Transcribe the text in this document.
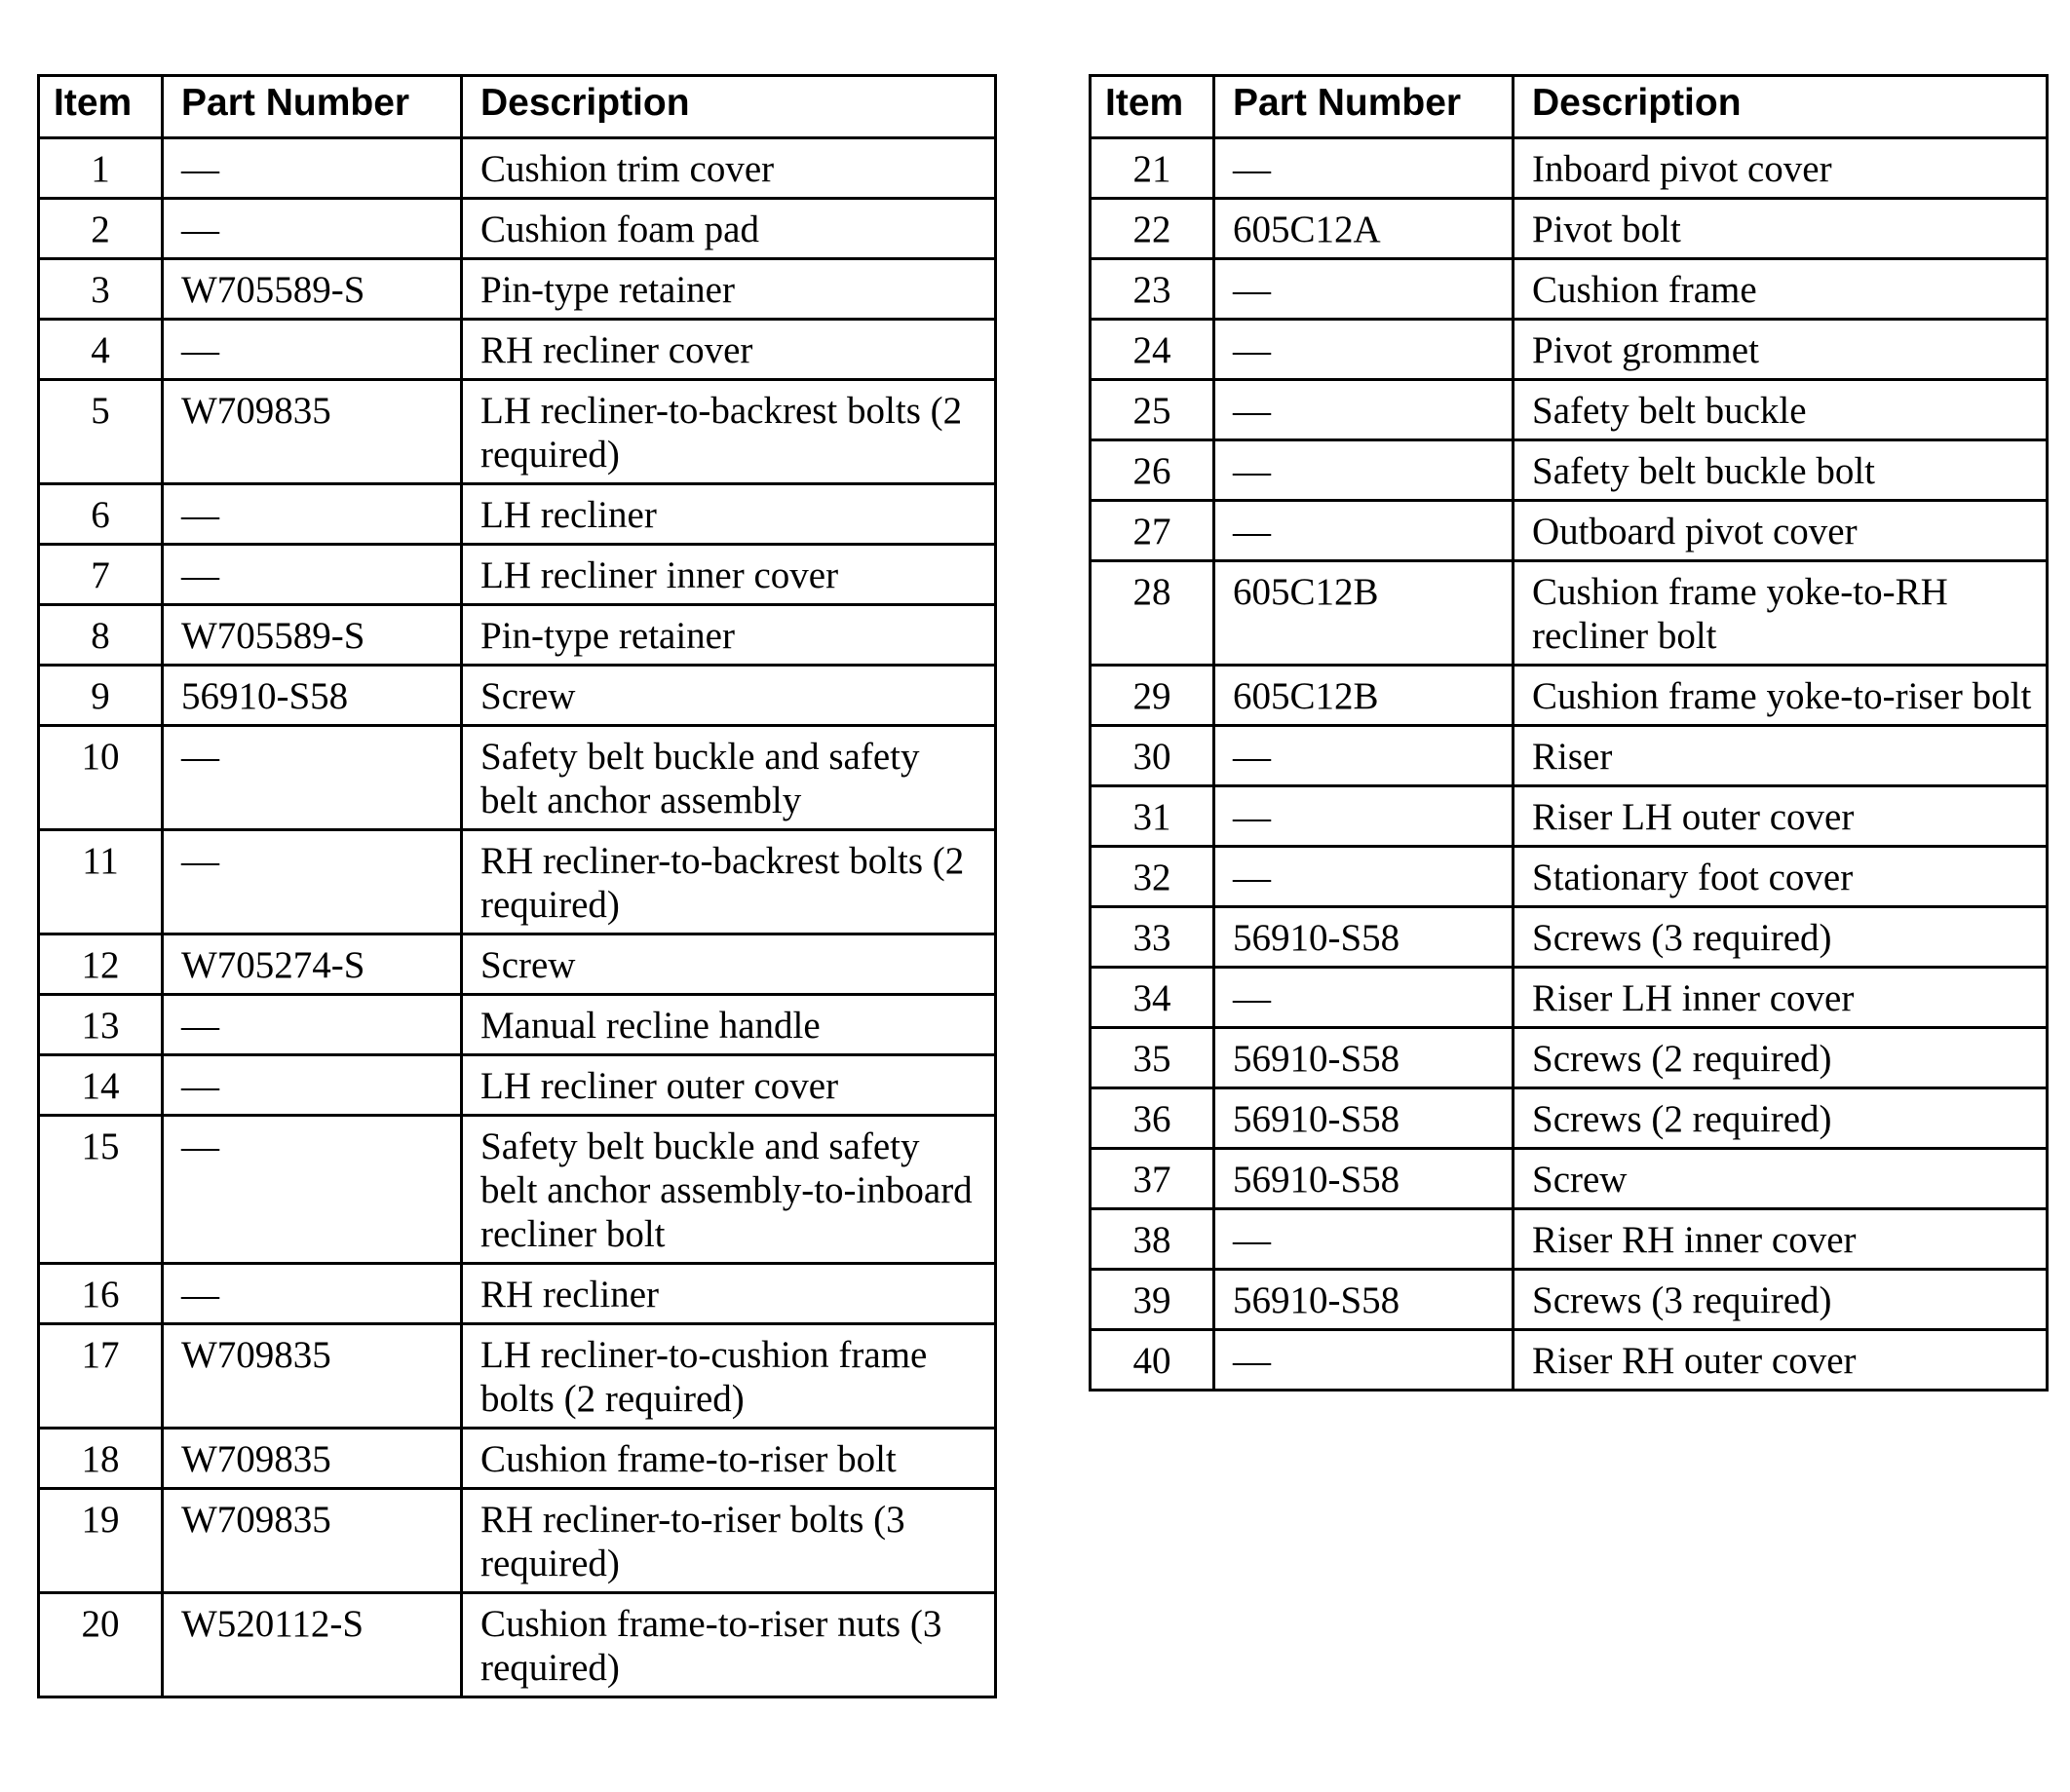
Item	Part Number	Description
1	—	Cushion trim cover
2	—	Cushion foam pad
3	W705589-S	Pin-type retainer
4	—	RH recliner cover
5	W709835	LH recliner-to-backrest bolts (2 required)
6	—	LH recliner
7	—	LH recliner inner cover
8	W705589-S	Pin-type retainer
9	56910-S58	Screw
10	—	Safety belt buckle and safety belt anchor assembly
11	—	RH recliner-to-backrest bolts (2 required)
12	W705274-S	Screw
13	—	Manual recline handle
14	—	LH recliner outer cover
15	—	Safety belt buckle and safety belt anchor assembly-to-inboard recliner bolt
16	—	RH recliner
17	W709835	LH recliner-to-cushion frame bolts (2 required)
18	W709835	Cushion frame-to-riser bolt
19	W709835	RH recliner-to-riser bolts (3 required)
20	W520112-S	Cushion frame-to-riser nuts (3 required)
Item	Part Number	Description
21	—	Inboard pivot cover
22	605C12A	Pivot bolt
23	—	Cushion frame
24	—	Pivot grommet
25	—	Safety belt buckle
26	—	Safety belt buckle bolt
27	—	Outboard pivot cover
28	605C12B	Cushion frame yoke-to-RH recliner bolt
29	605C12B	Cushion frame yoke-to-riser bolt
30	—	Riser
31	—	Riser LH outer cover
32	—	Stationary foot cover
33	56910-S58	Screws (3 required)
34	—	Riser LH inner cover
35	56910-S58	Screws (2 required)
36	56910-S58	Screws (2 required)
37	56910-S58	Screw
38	—	Riser RH inner cover
39	56910-S58	Screws (3 required)
40	—	Riser RH outer cover
